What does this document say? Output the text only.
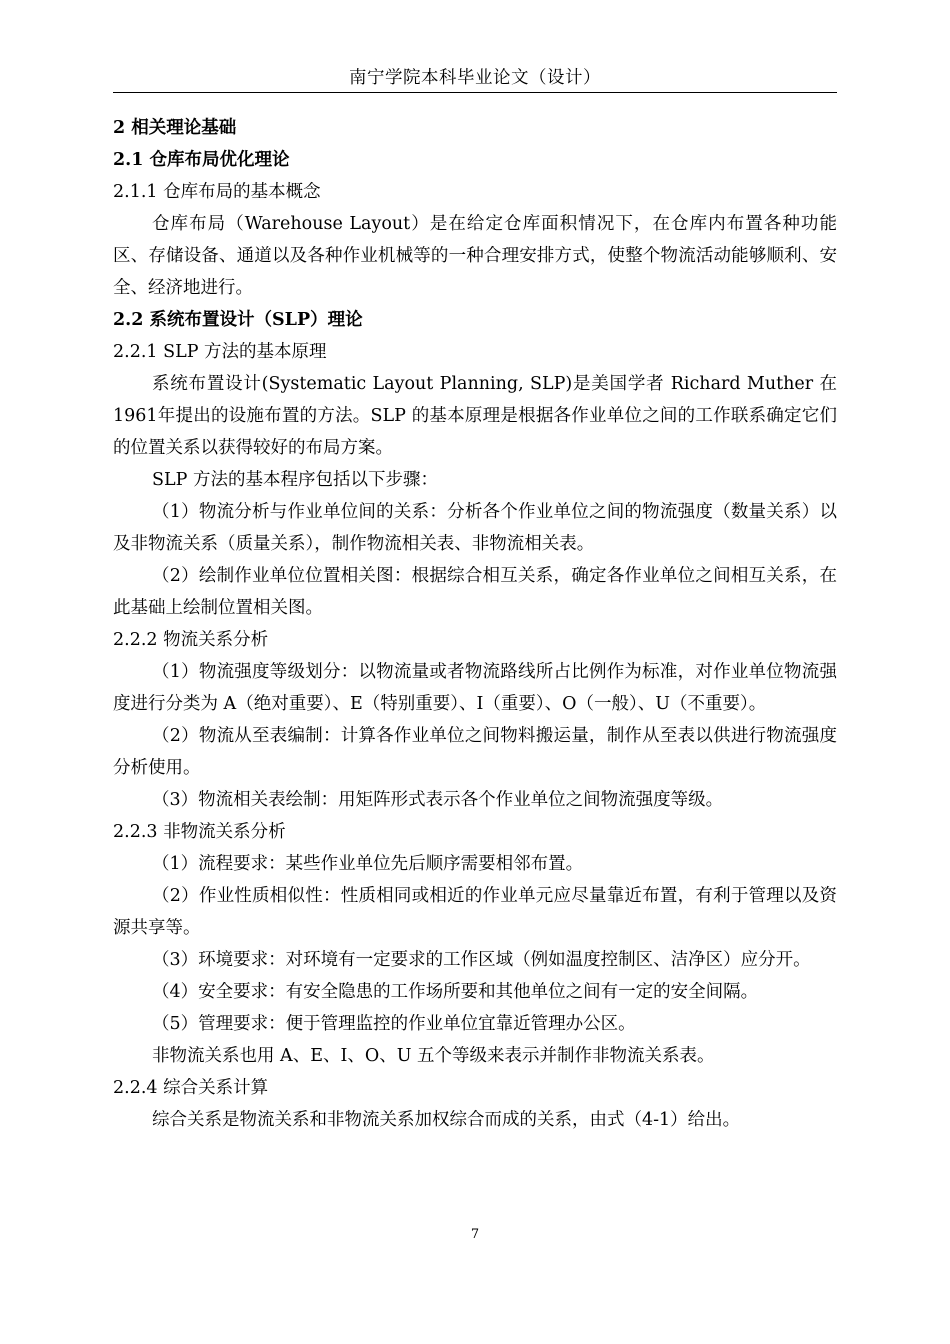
南宁学院本科毕业论文（设计）
2 相关理论基础
2.1 仓库布局优化理论
2.1.1 仓库布局的基本概念
仓库布局（Warehouse Layout）是在给定仓库面积情况下，在仓库内布置各种功能区、存储设备、通道以及各种作业机械等的一种合理安排方式，使整个物流活动能够顺利、安全、经济地进行。
2.2 系统布置设计（SLP）理论
2.2.1 SLP 方法的基本原理
系统布置设计(Systematic Layout Planning, SLP)是美国学者 Richard Muther 在 1961年提出的设施布置的方法。SLP 的基本原理是根据各作业单位之间的工作联系确定它们的位置关系以获得较好的布局方案。
SLP 方法的基本程序包括以下步骤：
（1）物流分析与作业单位间的关系：分析各个作业单位之间的物流强度（数量关系）以及非物流关系（质量关系），制作物流相关表、非物流相关表。
（2）绘制作业单位位置相关图：根据综合相互关系，确定各作业单位之间相互关系，在此基础上绘制位置相关图。
2.2.2 物流关系分析
（1）物流强度等级划分：以物流量或者物流路线所占比例作为标准，对作业单位物流强度进行分类为 A（绝对重要）、E（特别重要）、I（重要）、O（一般）、U（不重要）。
（2）物流从至表编制：计算各作业单位之间物料搬运量，制作从至表以供进行物流强度分析使用。
（3）物流相关表绘制：用矩阵形式表示各个作业单位之间物流强度等级。
2.2.3 非物流关系分析
（1）流程要求：某些作业单位先后顺序需要相邻布置。
（2）作业性质相似性：性质相同或相近的作业单元应尽量靠近布置，有利于管理以及资源共享等。
（3）环境要求：对环境有一定要求的工作区域（例如温度控制区、洁净区）应分开。
（4）安全要求：有安全隐患的工作场所要和其他单位之间有一定的安全间隔。
（5）管理要求：便于管理监控的作业单位宜靠近管理办公区。
非物流关系也用 A、E、I、O、U 五个等级来表示并制作非物流关系表。
2.2.4 综合关系计算
综合关系是物流关系和非物流关系加权综合而成的关系，由式（4-1）给出。
7
